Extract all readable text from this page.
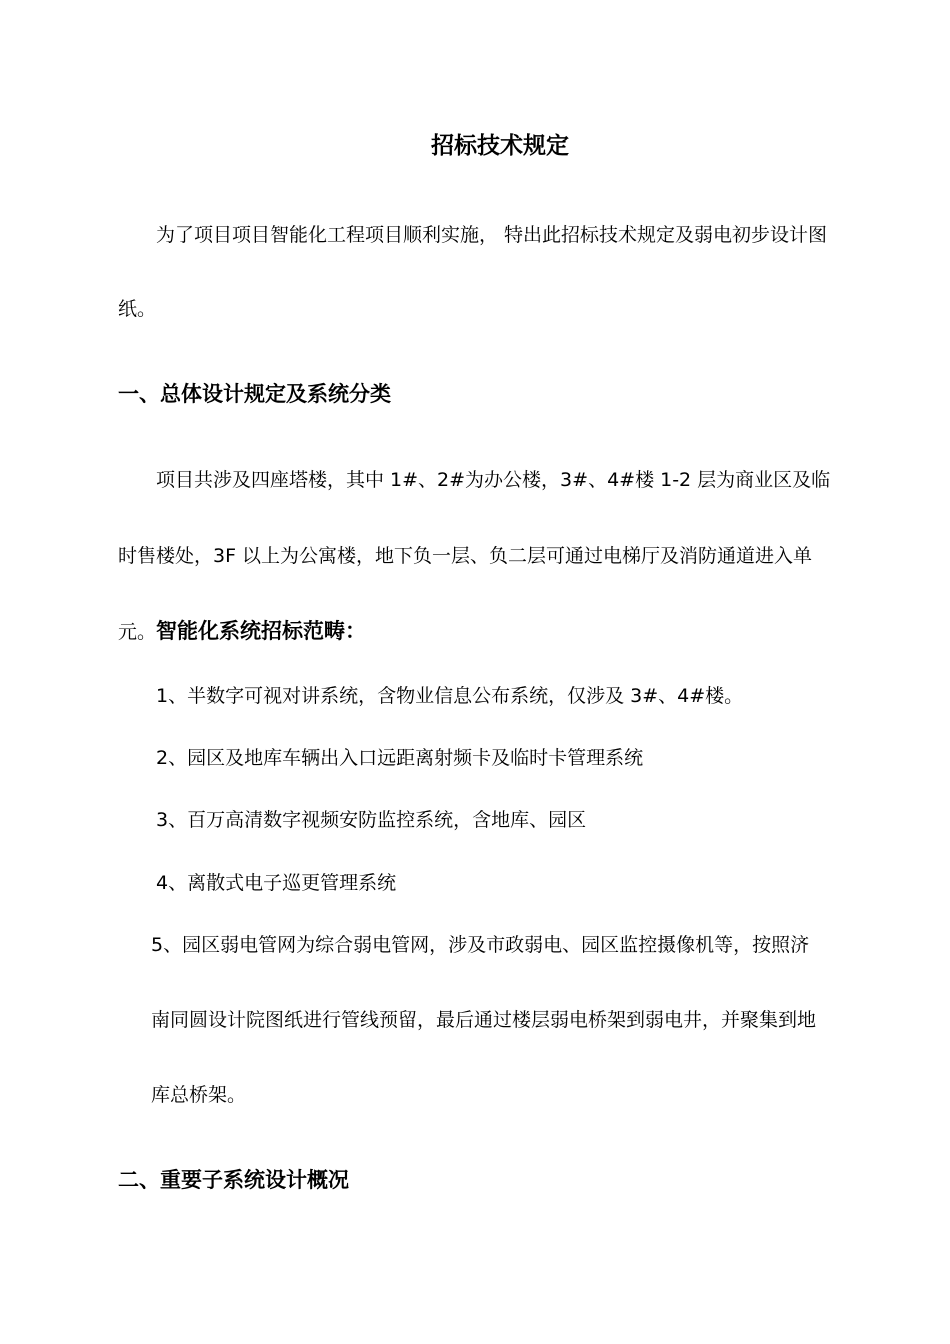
招标技术规定
为了项目项目智能化工程项目顺利实施， 特出此招标技术规定及弱电初步设计图
纸。
一、总体设计规定及系统分类
项目共涉及四座塔楼，其中 1#、2#为办公楼，3#、4#楼 1-2 层为商业区及临
时售楼处，3F 以上为公寓楼，地下负一层、负二层可通过电梯厅及消防通道进入单
元。智能化系统招标范畴：
1、半数字可视对讲系统，含物业信息公布系统，仅涉及 3#、4#楼。
2、园区及地库车辆出入口远距离射频卡及临时卡管理系统
3、百万高清数字视频安防监控系统，含地库、园区
4、离散式电子巡更管理系统
5、园区弱电管网为综合弱电管网，涉及市政弱电、园区监控摄像机等，按照济
南同圆设计院图纸进行管线预留，最后通过楼层弱电桥架到弱电井，并聚集到地
库总桥架。
二、重要子系统设计概况
